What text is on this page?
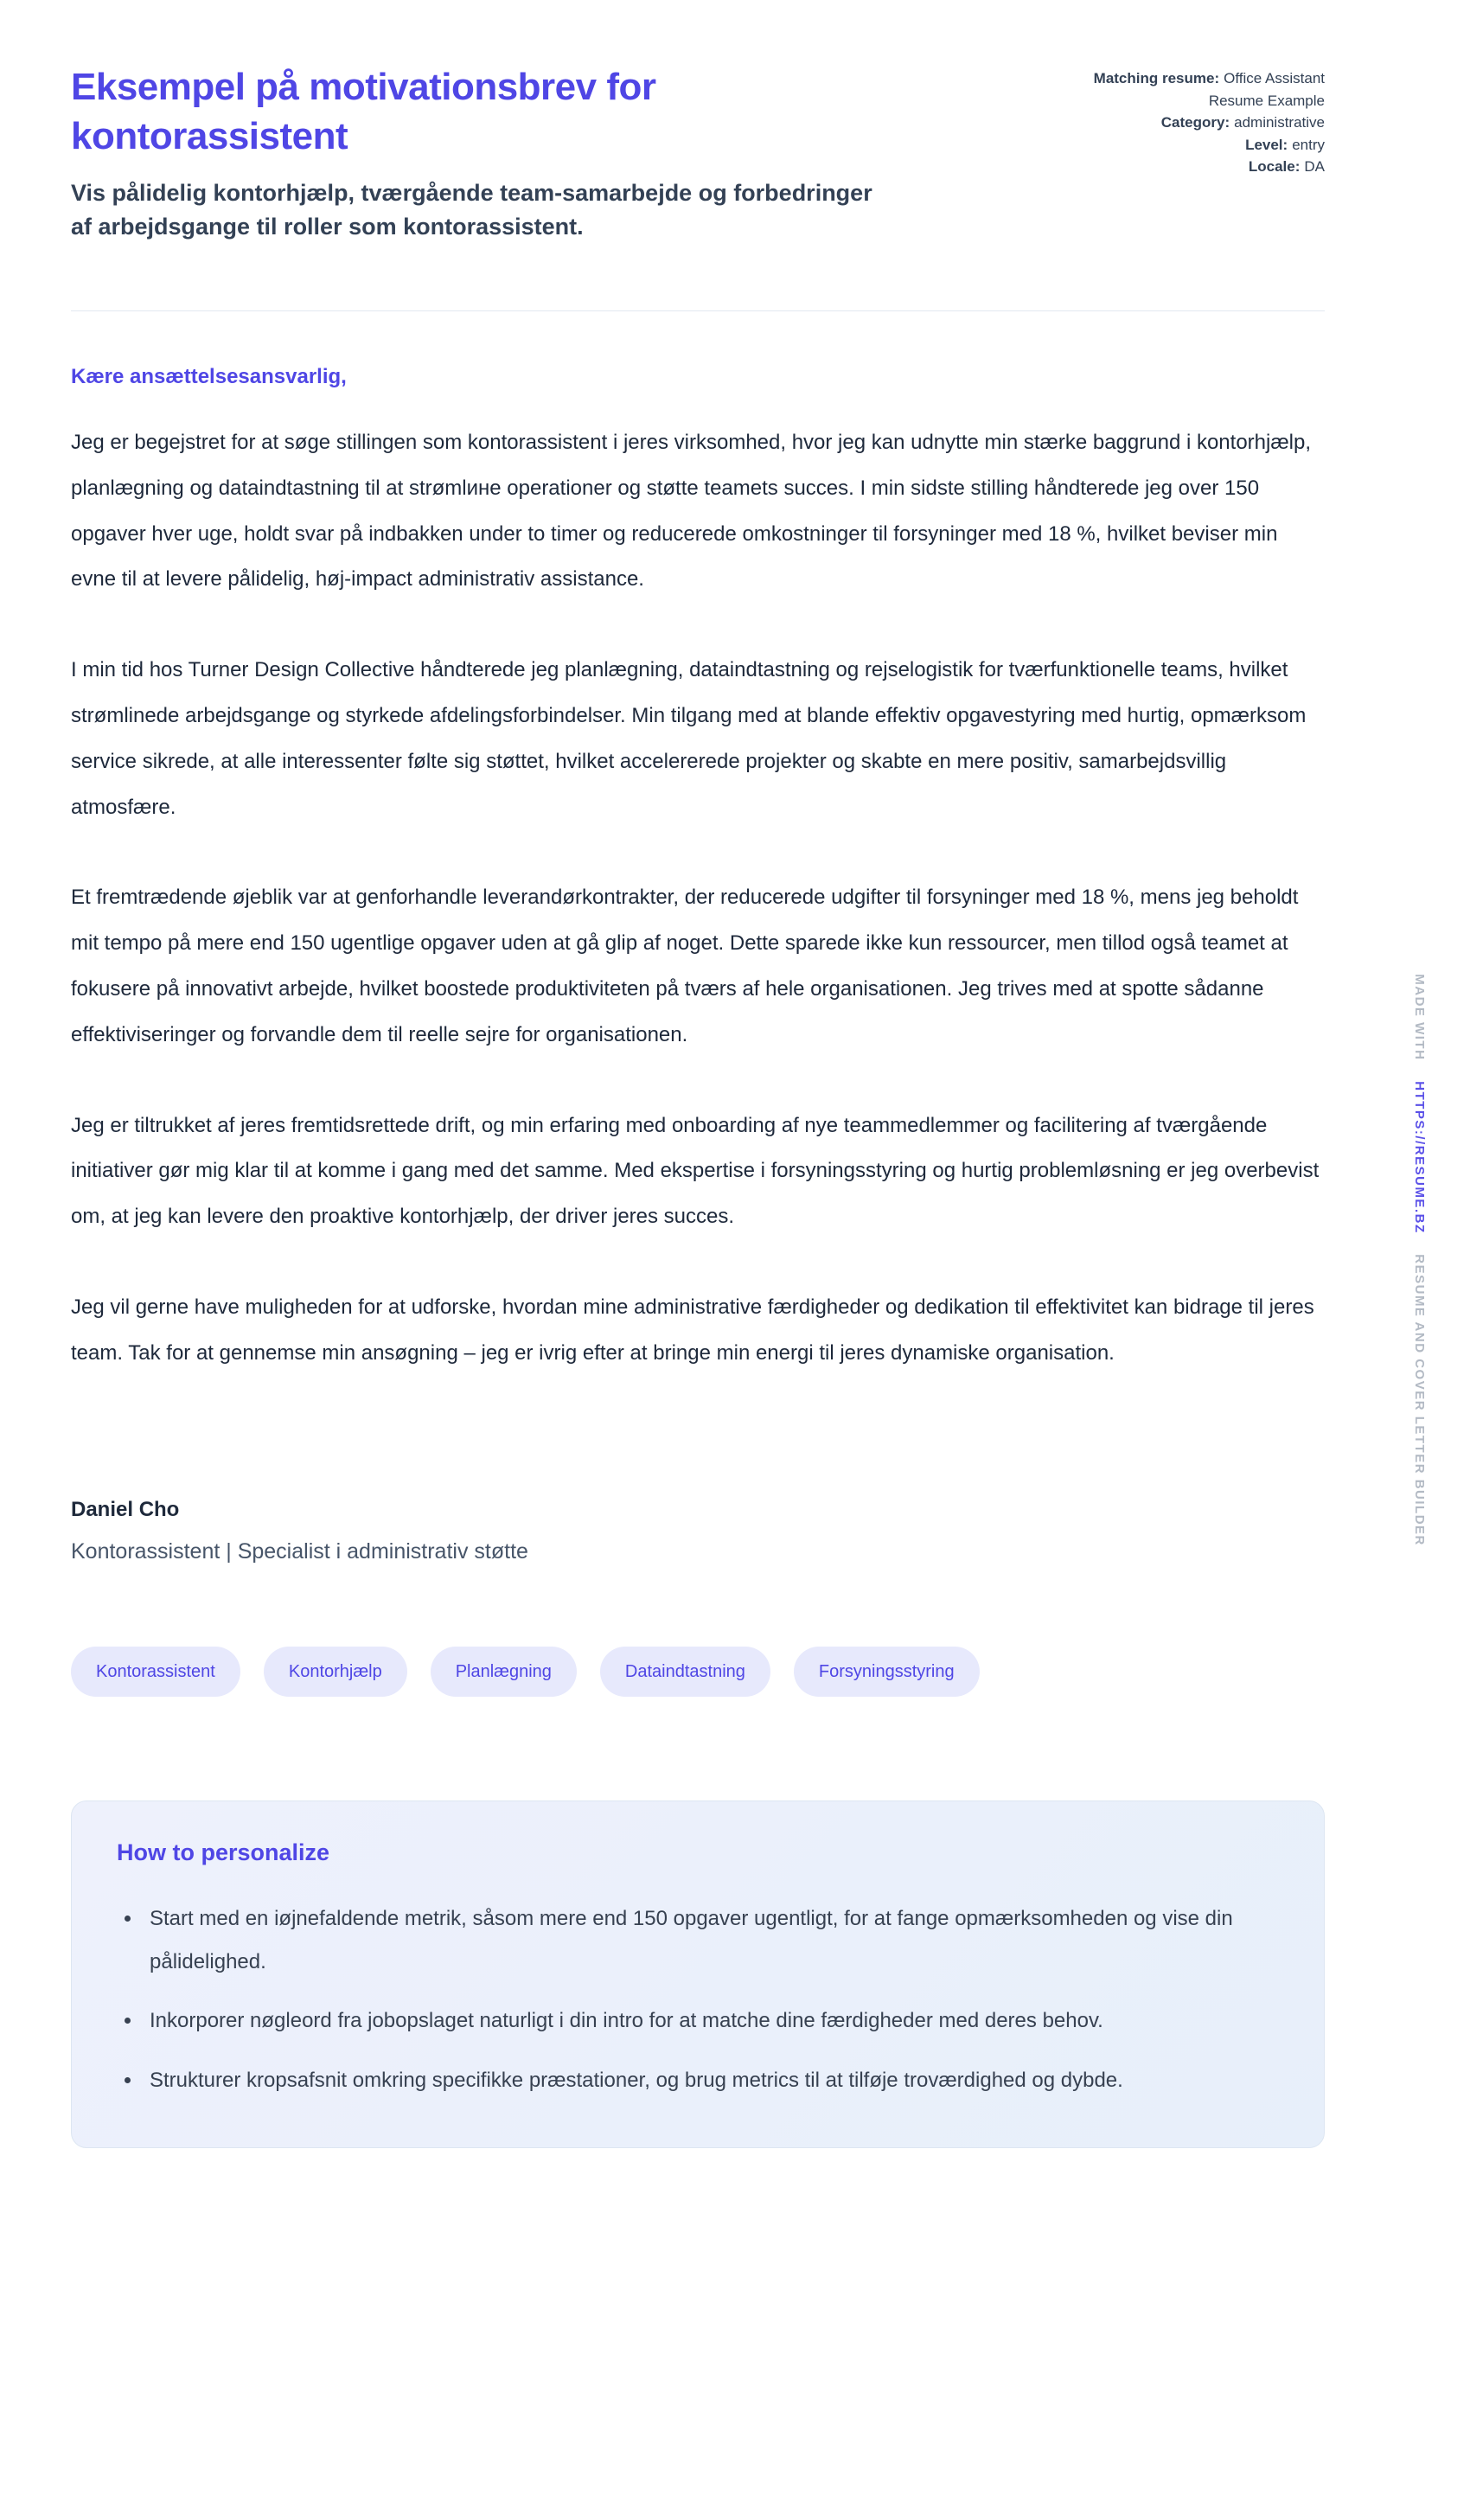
Eksempel på motivationsbrev for kontorassistent

Vis pålidelig kontorhjælp, tværgående team-samarbejde og forbedringer af arbejdsgange til roller som kontorassistent.

Matching resume: Office Assistant Resume Example
Category: administrative
Level: entry
Locale: DA

Kære ansættelsesansvarlig,

Jeg er begejstret for at søge stillingen som kontorassistent i jeres virksomhed, hvor jeg kan udnytte min stærke baggrund i kontorhjælp, planlægning og dataindtastning til at strømlине operationer og støtte teamets succes. I min sidste stilling håndterede jeg over 150 opgaver hver uge, holdt svar på indbakken under to timer og reducerede omkostninger til forsyninger med 18 %, hvilket beviser min evne til at levere pålidelig, høj-impact administrativ assistance.

I min tid hos Turner Design Collective håndterede jeg planlægning, dataindtastning og rejselogistik for tværfunktionelle teams, hvilket strømlinede arbejdsgange og styrkede afdelingsforbindelser. Min tilgang med at blande effektiv opgavestyring med hurtig, opmærksom service sikrede, at alle interessenter følte sig støttet, hvilket accelererede projekter og skabte en mere positiv, samarbejdsvillig atmosfære.

Et fremtrædende øjeblik var at genforhandle leverandørkontrakter, der reducerede udgifter til forsyninger med 18 %, mens jeg beholdt mit tempo på mere end 150 ugentlige opgaver uden at gå glip af noget. Dette sparede ikke kun ressourcer, men tillod også teamet at fokusere på innovativt arbejde, hvilket boostede produktiviteten på tværs af hele organisationen. Jeg trives med at spotte sådanne effektiviseringer og forvandle dem til reelle sejre for organisationen.

Jeg er tiltrukket af jeres fremtidsrettede drift, og min erfaring med onboarding af nye teammedlemmer og facilitering af tværgående initiativer gør mig klar til at komme i gang med det samme. Med ekspertise i forsyningsstyring og hurtig problemløsning er jeg overbevist om, at jeg kan levere den proaktive kontorhjælp, der driver jeres succes.

Jeg vil gerne have muligheden for at udforske, hvordan mine administrative færdigheder og dedikation til effektivitet kan bidrage til jeres team. Tak for at gennemse min ansøgning – jeg er ivrig efter at bringe min energi til jeres dynamiske organisation.

Daniel Cho

Kontorassistent | Specialist i administrativ støtte

Kontorassistent	Kontorhjælp	Planlægning	Dataindtastning	Forsyningsstyring
How to personalize
• Start med en iøjnefaldende metrik, såsom mere end 150 opgaver ugentligt, for at fange opmærksomheden og vise din pålidelighed.
• Inkorporer nøgleord fra jobopslaget naturligt i din intro for at matche dine færdigheder med deres behov.
• Strukturer kropsafsnit omkring specifikke præstationer, og brug metrics til at tilføje troværdighed og dybde.
MADE WITH HTTPS://RESUME.BZ RESUME AND COVER LETTER BUILDER
